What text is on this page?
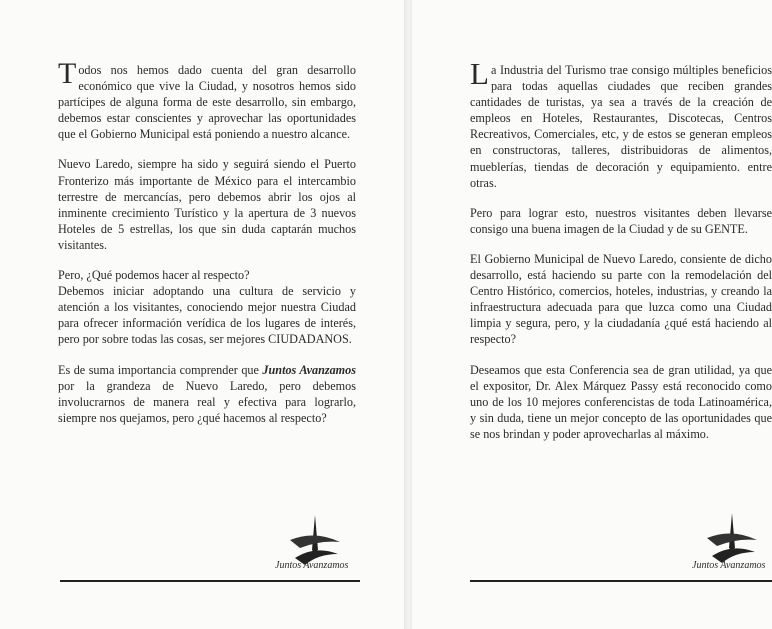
Todos nos hemos dado cuenta del gran desarrollo económico que vive la Ciudad, y nosotros hemos sido partícipes de alguna forma de este desarrollo, sin embargo, debemos estar conscientes y aprovechar las oportunidades que el Gobierno Municipal está poniendo a nuestro alcance.

Nuevo Laredo, siempre ha sido y seguirá siendo el Puerto Fronterizo más importante de México para el intercambio terrestre de mercancías, pero debemos abrir los ojos al inminente crecimiento Turístico y la apertura de 3 nuevos Hoteles de 5 estrellas, los que sin duda captarán muchos visitantes.

Pero, ¿Qué podemos hacer al respecto?
Debemos iniciar adoptando una cultura de servicio y atención a los visitantes, conociendo mejor nuestra Ciudad para ofrecer información verídica de los lugares de interés, pero por sobre todas las cosas, ser mejores CIUDADANOS.

Es de suma importancia comprender que Juntos Avanzamos por la grandeza de Nuevo Laredo, pero debemos involucrarnos de manera real y efectiva para lograrlo, siempre nos quejamos, pero ¿qué hacemos al respecto?

Juntos Avanzamos

La Industria del Turismo trae consigo múltiples beneficios para todas aquellas ciudades que reciben grandes cantidades de turistas, ya sea a través de la creación de empleos en Hoteles, Restaurantes, Discotecas, Centros Recreativos, Comerciales, etc, y de estos se generan empleos en constructoras, talleres, distribuidoras de alimentos, mueblerías, tiendas de decoración y equipamiento. entre otras.

Pero para lograr esto, nuestros visitantes deben llevarse consigo una buena imagen de la Ciudad y de su GENTE.

El Gobierno Municipal de Nuevo Laredo, consiente de dicho desarrollo, está haciendo su parte con la remodelación del Centro Histórico, comercios, hoteles, industrias, y creando la infraestructura adecuada para que luzca como una Ciudad limpia y segura, pero, y la ciudadanía ¿qué está haciendo al respecto?

Deseamos que esta Conferencia sea de gran utilidad, ya que el expositor, Dr. Alex Márquez Passy está reconocido como uno de los 10 mejores conferencistas de toda Latinoamérica, y sin duda, tiene un mejor concepto de las oportunidades que se nos brindan y poder aprovecharlas al máximo.

Juntos Avanzamos
